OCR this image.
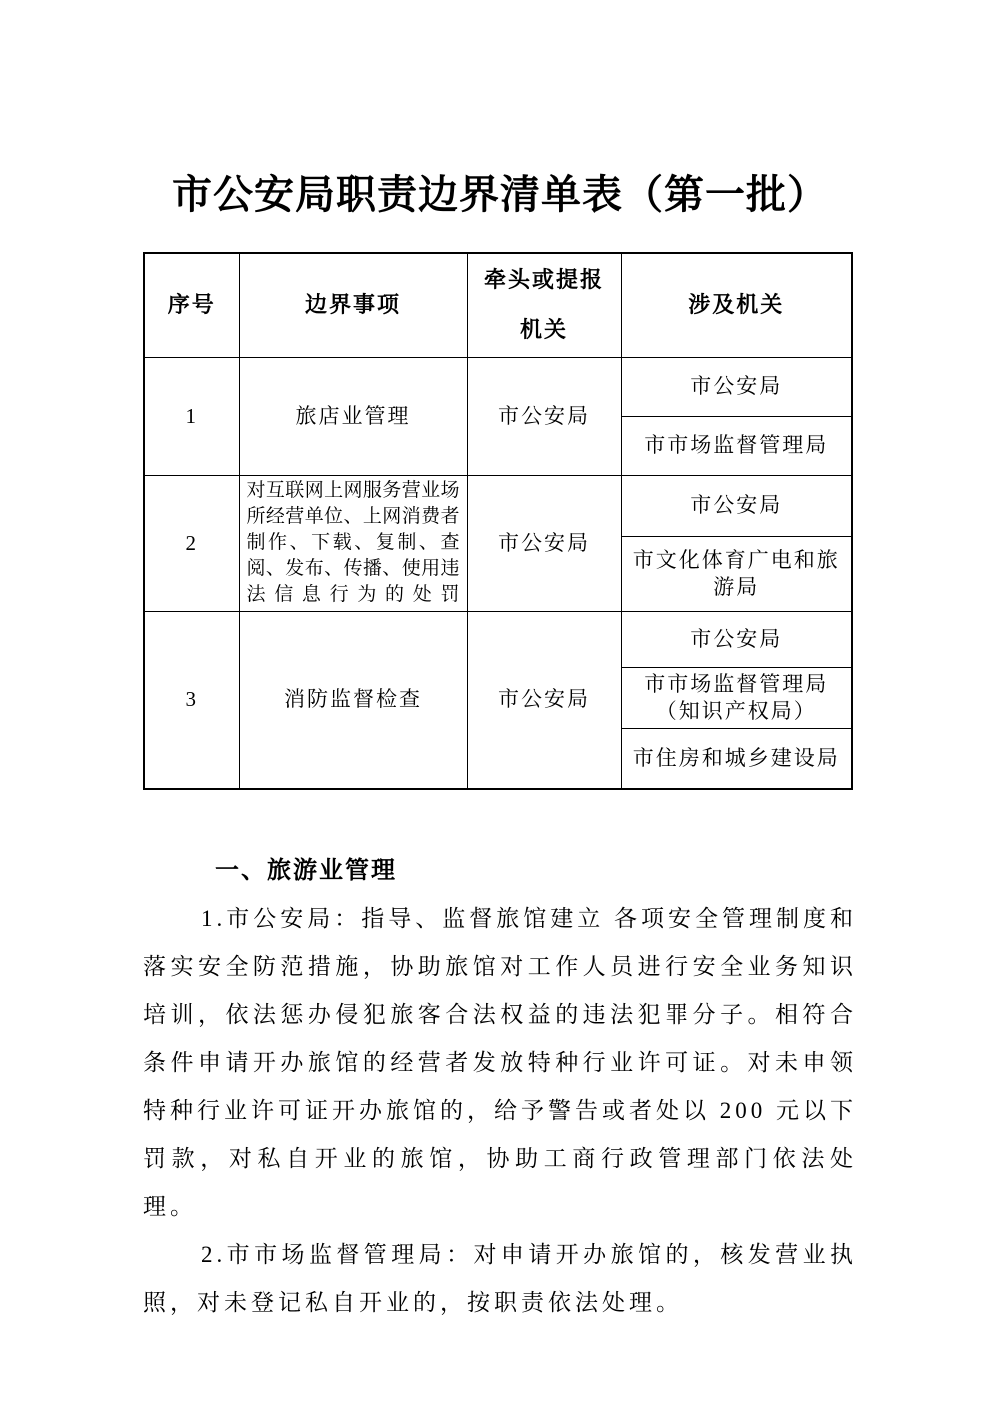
市公安局职责边界清单表（第一批）
序号	边界事项	牵头或提报机关	涉及机关
1	旅店业管理	市公安局	市公安局
			市市场监督管理局
2	对互联网上网服务营业场所经营单位、上网消费者制作、下载、复制、查阅、发布、传播、使用违法信息行为的处罚	市公安局	市公安局
			市文化体育广电和旅游局
3	消防监督检查	市公安局	市公安局
			市市场监督管理局（知识产权局）
			市住房和城乡建设局
一、旅游业管理

1.市公安局：指导、监督旅馆建立 各项安全管理制度和落实安全防范措施，协助旅馆对工作人员进行安全业务知识培训，依法惩办侵犯旅客合法权益的违法犯罪分子。相符合条件申请开办旅馆的经营者发放特种行业许可证。对未申领特种行业许可证开办旅馆的，给予警告或者处以 200 元以下罚款，对私自开业的旅馆，协助工商行政管理部门依法处理。

2.市市场监督管理局：对申请开办旅馆的，核发营业执照，对未登记私自开业的，按职责依法处理。
